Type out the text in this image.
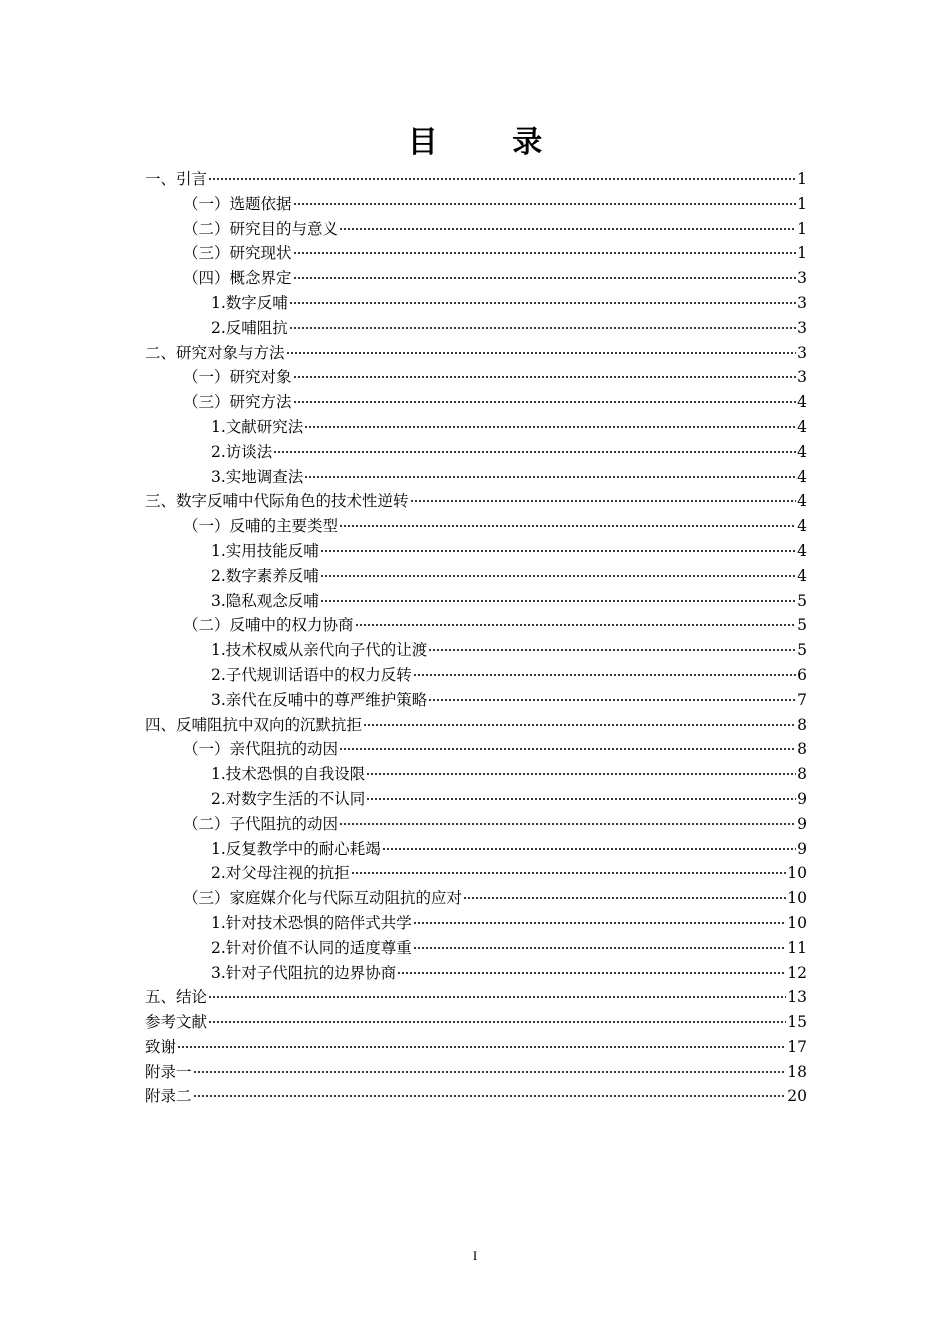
目 录
一、引言	1
（一）选题依据	1
（二）研究目的与意义	1
（三）研究现状	1
（四）概念界定	3
1.数字反哺	3
2.反哺阻抗	3
二、研究对象与方法	3
（一）研究对象	3
（三）研究方法	4
1.文献研究法	4
2.访谈法	4
3.实地调查法	4
三、数字反哺中代际角色的技术性逆转	4
（一）反哺的主要类型	4
1.实用技能反哺	4
2.数字素养反哺	4
3.隐私观念反哺	5
（二）反哺中的权力协商	5
1.技术权威从亲代向子代的让渡	5
2.子代规训话语中的权力反转	6
3.亲代在反哺中的尊严维护策略	7
四、反哺阻抗中双向的沉默抗拒	8
（一）亲代阻抗的动因	8
1.技术恐惧的自我设限	8
2.对数字生活的不认同	9
（二）子代阻抗的动因	9
1.反复教学中的耐心耗竭	9
2.对父母注视的抗拒	10
（三）家庭媒介化与代际互动阻抗的应对	10
1.针对技术恐惧的陪伴式共学	10
2.针对价值不认同的适度尊重	11
3.针对子代阻抗的边界协商	12
五、结论	13
参考文献	15
致谢	17
附录一	18
附录二	20
I
